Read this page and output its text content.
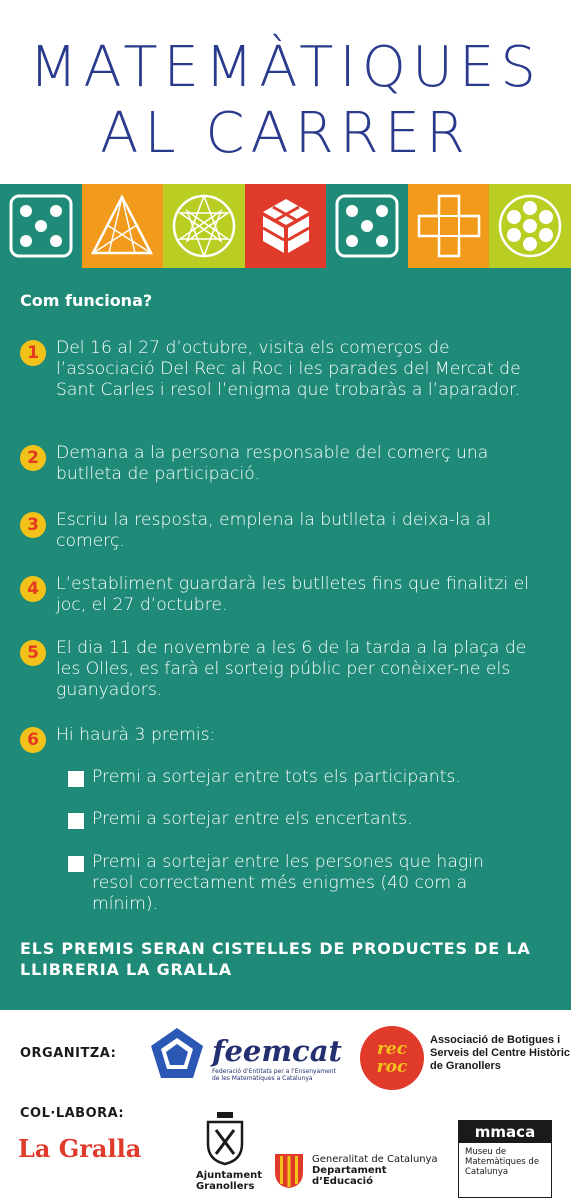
MATEMÀTIQUES
AL CARRER
Com funciona?
1 Del 16 al 27 d’octubre, visita els comerços de l’associació Del Rec al Roc i les parades del Mercat de Sant Carles i resol l’enigma que trobaràs a l’aparador.
2 Demana a la persona responsable del comerç una butlleta de participació.
3 Escriu la resposta, emplena la butlleta i deixa-la al comerç.
4 L’establiment guardarà les butlletes fins que finalitzi el joc, el 27 d’octubre.
5 El dia 11 de novembre a les 6 de la tarda a la plaça de les Olles, es farà el sorteig públic per conèixer-ne els guanyadors.
6 Hi haurà 3 premis:
Premi a sortejar entre tots els participants.
Premi a sortejar entre els encertants.
Premi a sortejar entre les persones que hagin resol correctament més enigmes (40 com a mínim).
ELS PREMIS SERAN CISTELLES DE PRODUCTES DE LA LLIBRERIA LA GRALLA
ORGANITZA:	feemcat
Federació d’Entitats per a l’Ensenyament de les Matemàtiques a Catalunya
rec roc
Associació de Botigues i Serveis del Centre Històric de Granollers
COL·LABORA:
La Gralla
Ajuntament Granollers
Generalitat de Catalunya
Departament
d’Educació
mmaca
Museu de Matemàtiques de Catalunya
